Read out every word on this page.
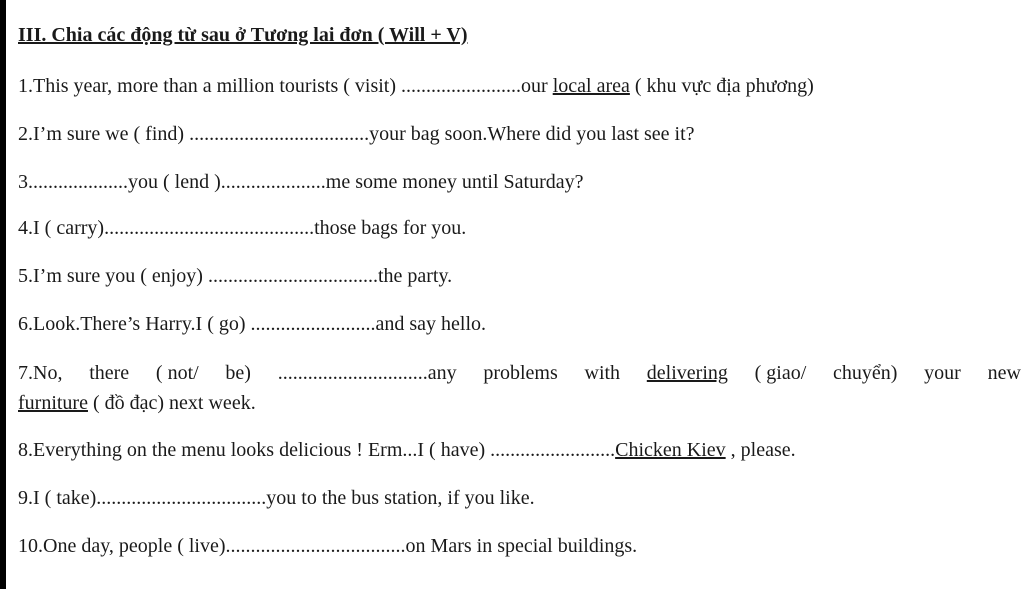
III. Chia các động từ sau ở Tương lai đơn ( Will + V)
1.This year, more than a million tourists ( visit) ........................our local area ( khu vực địa phương)
2.I’m sure we ( find) ....................................your bag soon.Where did you last see it?
3....................you ( lend ).....................me some money until Saturday?
4.I ( carry)..........................................those bags for you.
5.I’m sure you ( enjoy) ..................................the party.
6.Look.There’s Harry.I ( go) .........................and say hello.
7.No, there ( not/ be) ..............................any problems with delivering ( giao/ chuyển) your new
furniture ( đồ đạc) next week.
8.Everything on the menu looks delicious ! Erm...I ( have) .........................Chicken Kiev , please.
9.I ( take)..................................you to the bus station, if you like.
10.One day, people ( live)....................................on Mars in special buildings.
